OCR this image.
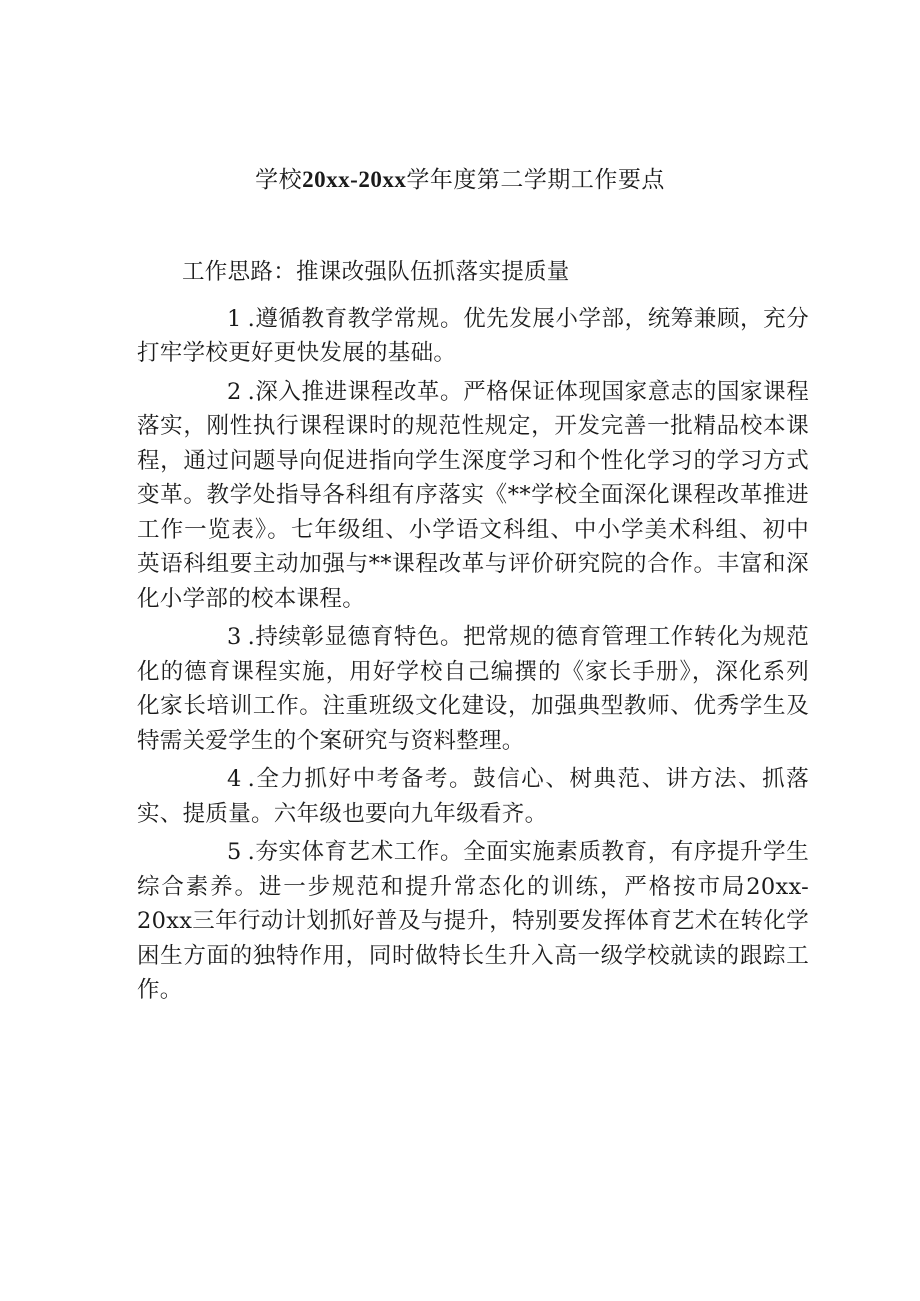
学校20xx-20xx学年度第二学期工作要点

工作思路：推课改强队伍抓落实提质量

1 .遵循教育教学常规。优先发展小学部，统筹兼顾，充分打牢学校更好更快发展的基础。

2 .深入推进课程改革。严格保证体现国家意志的国家课程落实，刚性执行课程课时的规范性规定，开发完善一批精品校本课程，通过问题导向促进指向学生深度学习和个性化学习的学习方式变革。教学处指导各科组有序落实《**学校全面深化课程改革推进工作一览表》。七年级组、小学语文科组、中小学美术科组、初中英语科组要主动加强与**课程改革与评价研究院的合作。丰富和深化小学部的校本课程。

3 .持续彰显德育特色。把常规的德育管理工作转化为规范化的德育课程实施，用好学校自己编撰的《家长手册》，深化系列化家长培训工作。注重班级文化建设，加强典型教师、优秀学生及特需关爱学生的个案研究与资料整理。

4 .全力抓好中考备考。鼓信心、树典范、讲方法、抓落实、提质量。六年级也要向九年级看齐。

5 .夯实体育艺术工作。全面实施素质教育，有序提升学生综合素养。进一步规范和提升常态化的训练，严格按市局20xx-20xx三年行动计划抓好普及与提升，特别要发挥体育艺术在转化学困生方面的独特作用，同时做特长生升入高一级学校就读的跟踪工作。
